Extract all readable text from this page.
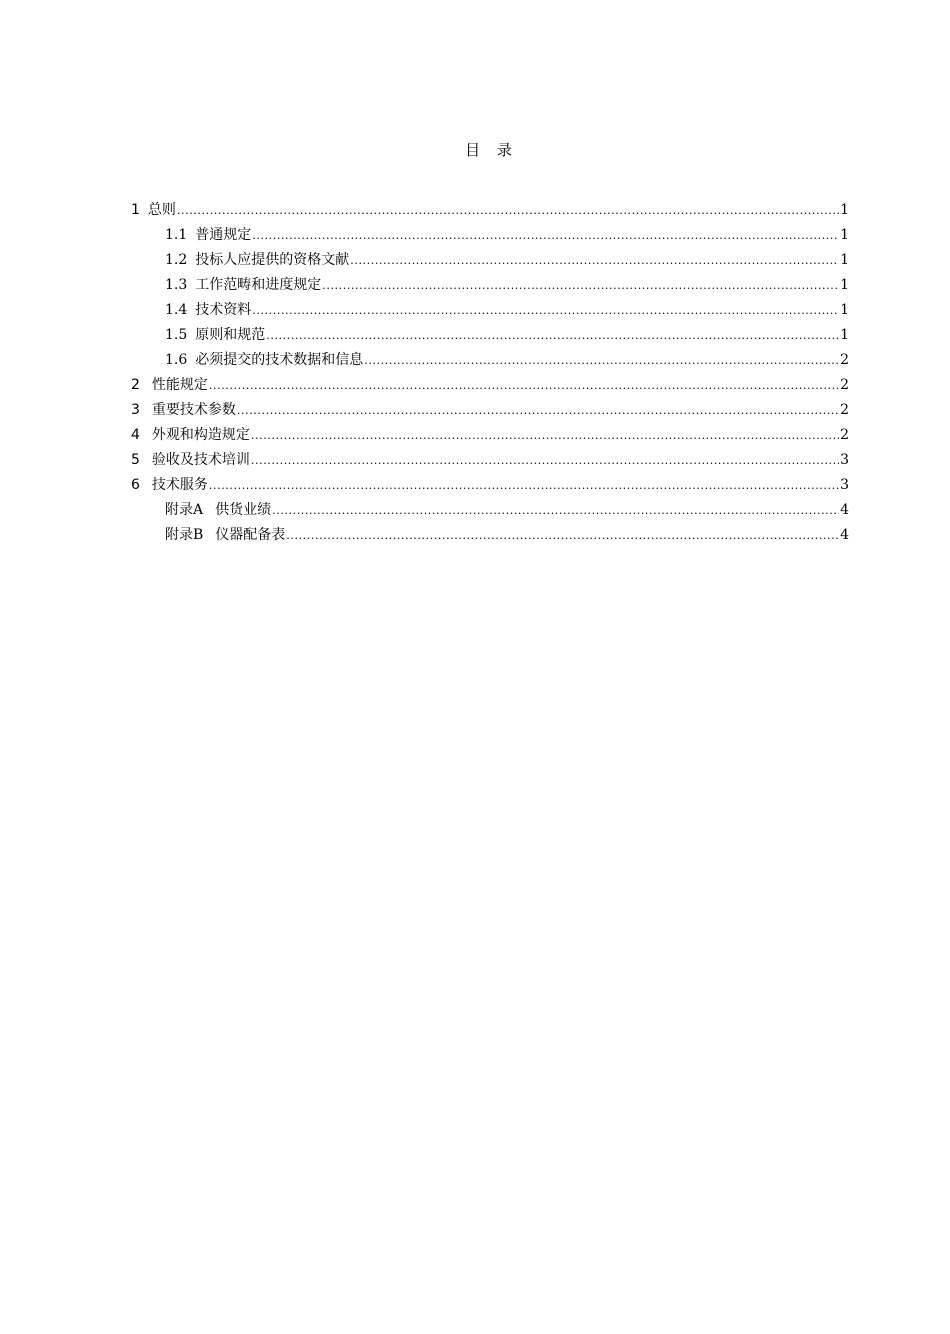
目 录
1 总则 .....	1
1.1 普通规定 .....	1
1.2 投标人应提供的资格文献 .....	1
1.3 工作范畴和进度规定 .....	1
1.4 技术资料 .....	1
1.5 原则和规范 .....	1
1.6 必须提交的技术数据和信息 .....	2
2 性能规定 .....	2
3 重要技术参数 .....	2
4 外观和构造规定 .....	2
5 验收及技术培训 .....	3
6 技术服务 .....	3
附录A 供货业绩 .....	4
附录B 仪器配备表 .....	4
